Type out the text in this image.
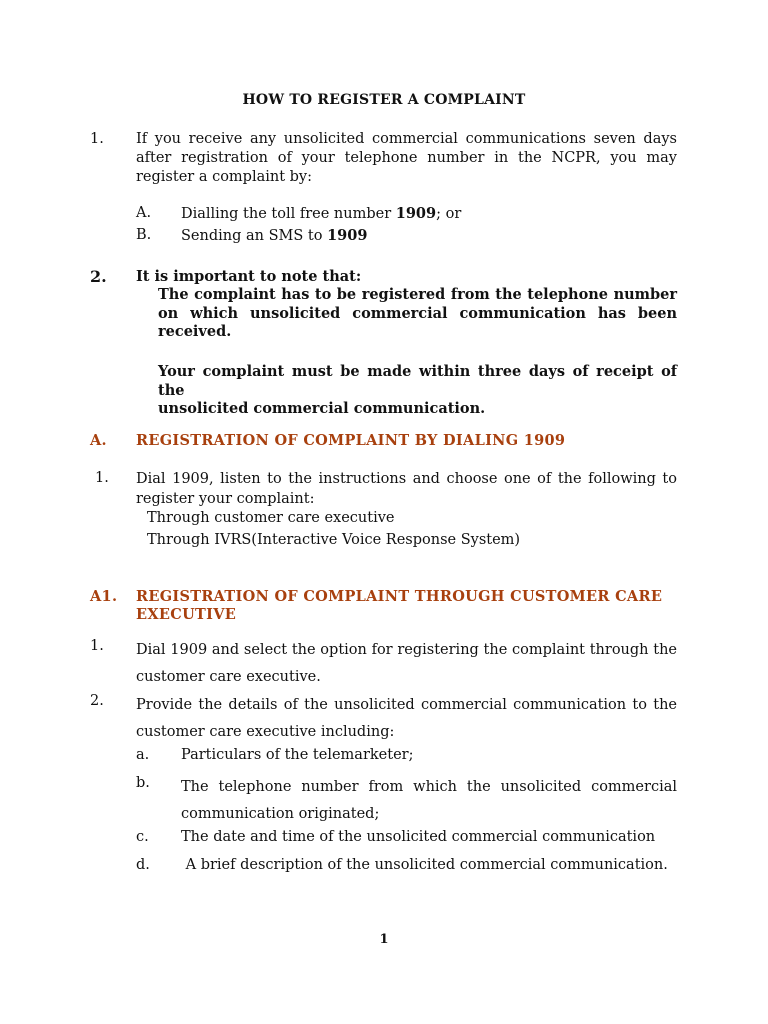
HOW TO REGISTER A COMPLAINT
1. If you receive any unsolicited commercial communications seven days
after registration of your telephone number in the NCPR, you may
register a complaint by:
A. Dialling the toll free number 1909; or
B. Sending an SMS to 1909
2. It is important to note that:
The complaint has to be registered from the telephone number
on which unsolicited commercial communication has been
received.
Your complaint must be made within three days of receipt of the
unsolicited commercial communication.
A. REGISTRATION OF COMPLAINT BY DIALING 1909
1. Dial 1909, listen to the instructions and choose one of the following to
register your complaint:
Through customer care executive
Through IVRS(Interactive Voice Response System)
A1. REGISTRATION OF COMPLAINT THROUGH CUSTOMER CARE
EXECUTIVE
1. Dial 1909 and select the option for registering the complaint through the
customer care executive.
2. Provide the details of the unsolicited commercial communication to the
customer care executive including:
a. Particulars of the telemarketer;
b. The telephone number from which the unsolicited commercial
communication originated;
c. The date and time of the unsolicited commercial communication
d. A brief description of the unsolicited commercial communication.
1
